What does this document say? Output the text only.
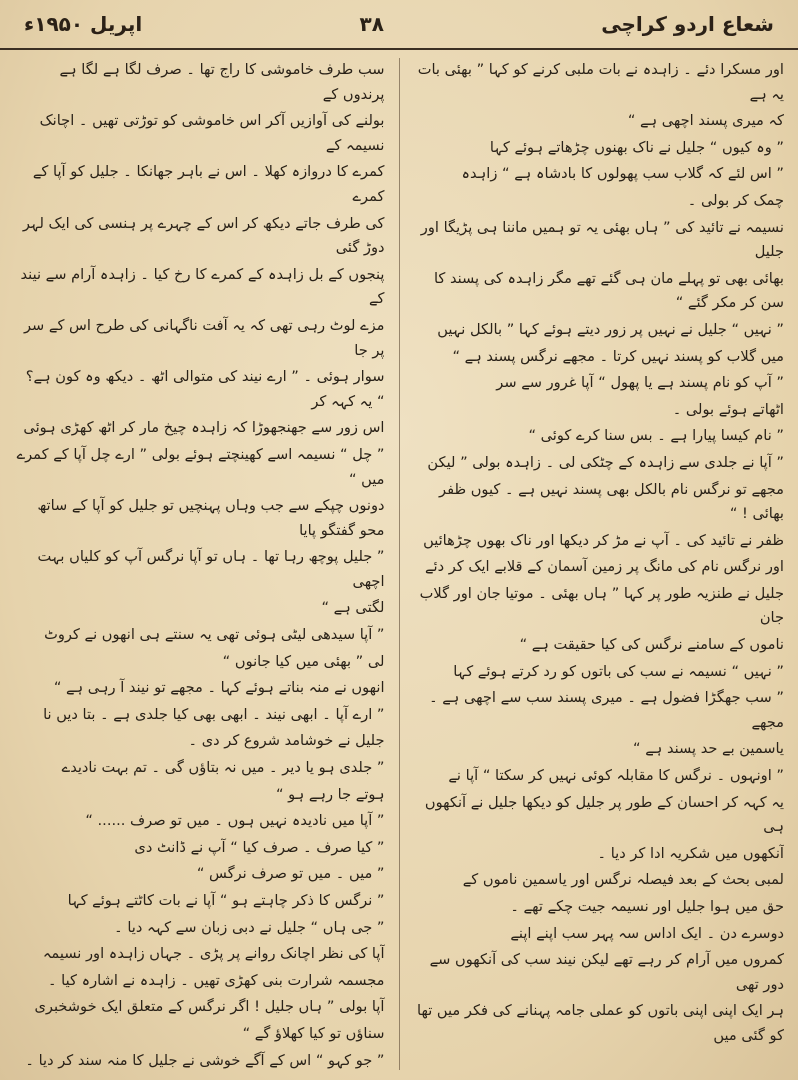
اپریل ۱۹۵۰ء	۳۸	شعاع اردو کراچی

اور مسکرا دئے ۔ زاہدہ نے بات ملبی کرنے کو کہا ” بھئی بات یہ ہے

کہ میری پسند اچھی ہے “

” وہ کیوں “ جلیل نے ناک بھنوں چڑھاتے ہوئے کہا

” اس لئے کہ گلاب سب پھولوں کا بادشاہ ہے “ زاہدہ

چمک کر بولی ۔

نسیمہ نے تائید کی ” ہاں بھئی یہ تو ہمیں ماننا ہی پڑیگا اور جلیل

بھائی بھی تو پہلے مان ہی گئے تھے مگر زاہدہ کی پسند کا سن کر مکر گئے “

” نہیں “ جلیل نے نہیں پر زور دیتے ہوئے کہا ” بالکل نہیں

میں گلاب کو پسند نہیں کرتا ۔ مجھے نرگس پسند ہے “

” آپ کو نام پسند ہے یا پھول “ آپا غرور سے سر

اٹھاتے ہوئے بولی ۔

” نام کیسا پیارا ہے ۔ بس سنا کرے کوئی “

” آپا نے جلدی سے زاہدہ کے چٹکی لی ۔ زاہدہ بولی ” لیکن

مجھے تو نرگس نام بالکل بھی پسند نہیں ہے ۔ کیوں ظفر بھائی ! “

ظفر نے تائید کی ۔ آپ نے مڑ کر دیکھا اور ناک بھوں چڑھائیں

اور نرگس نام کی مانگ پر زمین آسمان کے قلابے ایک کر دئے

جلیل نے طنزیہ طور پر کہا ” ہاں بھئی ۔ موتیا جان اور گلاب جان

ناموں کے سامنے نرگس کی کیا حقیقت ہے “

” نہیں “ نسیمہ نے سب کی باتوں کو رد کرتے ہوئے کہا

” سب جھگڑا فضول ہے ۔ میری پسند سب سے اچھی ہے ۔ مجھے

یاسمین بے حد پسند ہے “

” اونہوں ۔ نرگس کا مقابلہ کوئی نہیں کر سکتا “ آپا نے

یہ کہہ کر احسان کے طور پر جلیل کو دیکھا جلیل نے آنکھوں ہی

آنکھوں میں شکریہ ادا کر دیا ۔

لمبی بحث کے بعد فیصلہ نرگس اور یاسمین ناموں کے

حق میں ہوا جلیل اور نسیمہ جیت چکے تھے ۔

دوسرے دن ۔ ایک اداس سہ پہر سب اپنے اپنے

کمروں میں آرام کر رہے تھے لیکن نیند سب کی آنکھوں سے دور تھی

ہر ایک اپنی اپنی باتوں کو عملی جامہ پہنانے کی فکر میں تھا کو گئی میں

سب طرف خاموشی کا راج تھا ۔ صرف لگا ہے لگا ہے پرندوں کے

بولنے کی آوازیں آکر اس خاموشی کو توڑتی تھیں ۔ اچانک نسیمہ کے

کمرے کا دروازہ کھلا ۔ اس نے باہر جھانکا ۔ جلیل کو آپا کے کمرے

کی طرف جاتے دیکھ کر اس کے چہرے پر ہنسی کی ایک لہر دوڑ گئی

پنجوں کے بل زاہدہ کے کمرے کا رخ کیا ۔ زاہدہ آرام سے نیند کے

مزے لوٹ رہی تھی کہ یہ آفت ناگہانی کی طرح اس کے سر پر جا

سوار ہوئی ۔ ” ارے نیند کی متوالی اٹھ ۔ دیکھ وہ کون ہے؟ “ یہ کہہ کر

اس زور سے جھنجھوڑا کہ زاہدہ چیخ مار کر اٹھ کھڑی ہوئی

” چل “ نسیمہ اسے کھینچتے ہوئے بولی ” ارے چل آپا کے کمرے میں “

دونوں چپکے سے جب وہاں پہنچیں تو جلیل کو آپا کے ساتھ محو گفتگو پایا

” جلیل پوچھ رہا تھا ۔ ہاں تو آپا نرگس آپ کو کلیاں بہت اچھی

لگتی ہے “

” آپا سیدھی لیٹی ہوئی تھی یہ سنتے ہی انھوں نے کروٹ

لی ” بھئی میں کیا جانوں “

انھوں نے منہ بناتے ہوئے کہا ۔ مجھے تو نیند آ رہی ہے “

” ارے آپا ۔ ابھی نیند ۔ ابھی بھی کیا جلدی ہے ۔ بتا دیں نا

جلیل نے خوشامد شروع کر دی ۔

” جلدی ہو یا دیر ۔ میں نہ بتاؤں گی ۔ تم بہت نادیدے

ہوتے جا رہے ہو “

” آپا میں نادیدہ نہیں ہوں ۔ میں تو صرف ...... “

” کیا صرف ۔ صرف کیا “ آپ نے ڈانٹ دی

” میں ۔ میں تو صرف نرگس “

” نرگس کا ذکر چاہتے ہو “ آپا نے بات کاٹتے ہوئے کہا

” جی ہاں “ جلیل نے دبی زبان سے کہہ دیا ۔

آپا کی نظر اچانک روانے پر پڑی ۔ جہاں زاہدہ اور نسیمہ

مجسمہ شرارت بنی کھڑی تھیں ۔ زاہدہ نے اشارہ کیا ۔

آپا بولی ” ہاں جلیل ! اگر نرگس کے متعلق ایک خوشخبری

سناؤں تو کیا کھلاؤ گے “

” جو کہو “ اس کے آگے خوشی نے جلیل کا منہ سند کر دیا ۔
